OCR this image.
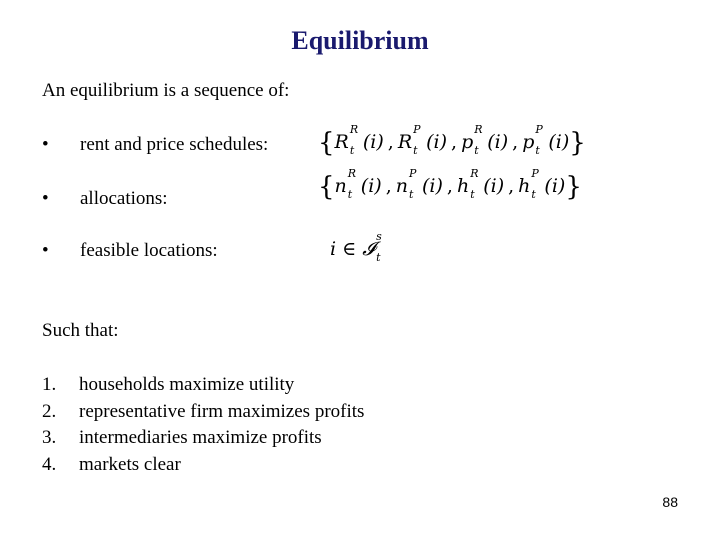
Equilibrium
An equilibrium is a sequence of:
• rent and price schedules: {R
R
t (i) , R
P
t (i) , p
R
t (i) , p
P
t (i)}
• allocations:	{n
R
t (i) , n
P
t (i) , h
R
t (i) , h
P
t (i)}
• feasible locations:	i ∈ 𝓘
s
t
Such that:
1. households maximize utility
2. representative firm maximizes profits
3. intermediaries maximize profits
4. markets clear
88
